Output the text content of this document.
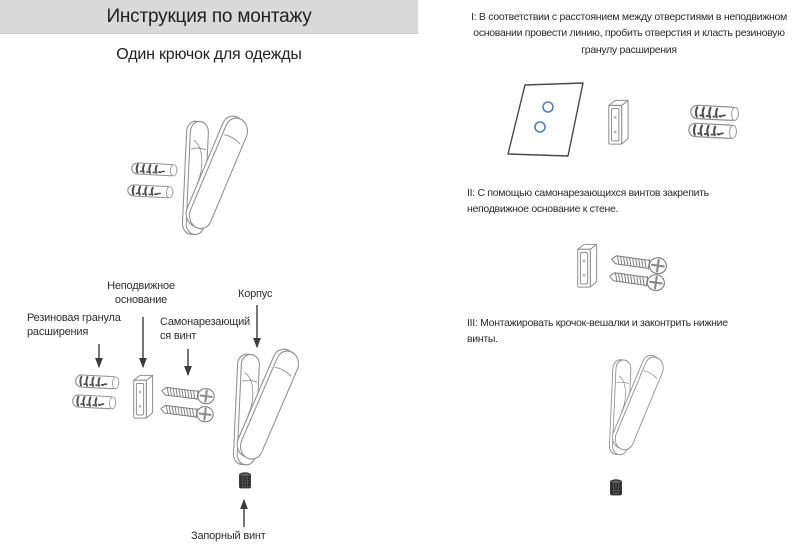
Инструкция по монтажу
Один крючок для одежды
Резиновая гранула расширения
Неподвижное основание
Самонарезающий ся винт
Корпус
Запорный винт
I: В соответствии с расстоянием между отверстиями в неподвижном основании провести линию, пробить отверстия и класть резиновую гранулу расширения
II: С помощью самонарезающихся винтов закрепить неподвижное основание к стене.
III: Монтажировать крочок-вешалки и законтрить нижние винты.
